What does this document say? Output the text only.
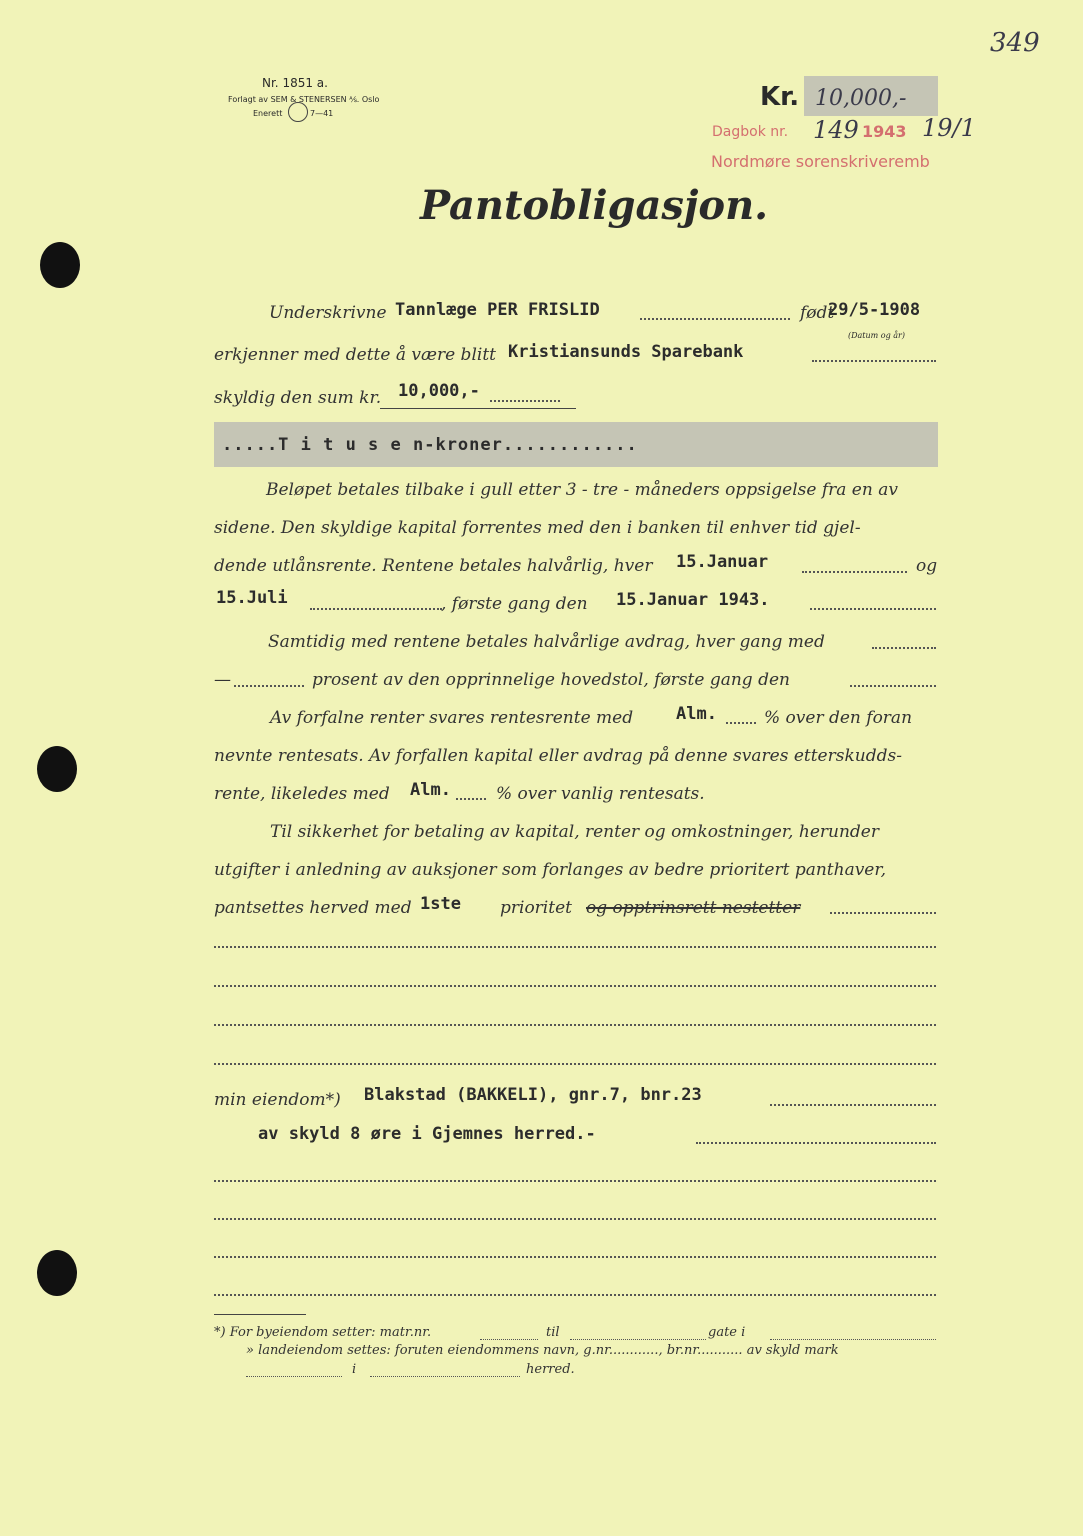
349
Nr. 1851 a.
Forlagt av SEM & STENERSEN ⅍. Oslo
Enerett	7—41
Kr. 10,000,-
Dagbok nr. 149 1943 19/1
Nordmøre sorenskriveremb
Pantobligasjon.
Underskrivne Tannlæge PER FRISLID	født
29/5-1908
(Datum og år)
erkjenner med dette å være blitt Kristiansunds Sparebank
skyldig den sum kr. 10,000,-
.....T i t u s e n-kroner............
Beløpet betales tilbake i gull etter 3 - tre - måneders oppsigelse fra en av
sidene. Den skyldige kapital forrentes med den i banken til enhver tid gjel-
dende utlånsrente. Rentene betales halvårlig, hver 15.Januar	og
15.Juli	, første gang den 15.Januar 1943.
Samtidig med rentene betales halvårlige avdrag, hver gang med
—	prosent av den opprinnelige hovedstol, første gang den
Av forfalne renter svares rentesrente med	Alm.	% over den foran
nevnte rentesats. Av forfallen kapital eller avdrag på denne svares etterskudds-
rente, likeledes med Alm.	% over vanlig rentesats.
Til sikkerhet for betaling av kapital, renter og omkostninger, herunder
utgifter i anledning av auksjoner som forlanges av bedre prioritert panthaver,
pantsettes herved med 1ste prioritet og opptrinsrett nestetter
min eiendom*) Blakstad (BAKKELI), gnr.7, bnr.23
av skyld 8 øre i Gjemnes herred.-
*) For byeiendom setter: matr.nr.	til	gate i
» landeiendom settes: foruten eiendommens navn, g.nr............, br.nr........... av skyld mark
i	herred.
